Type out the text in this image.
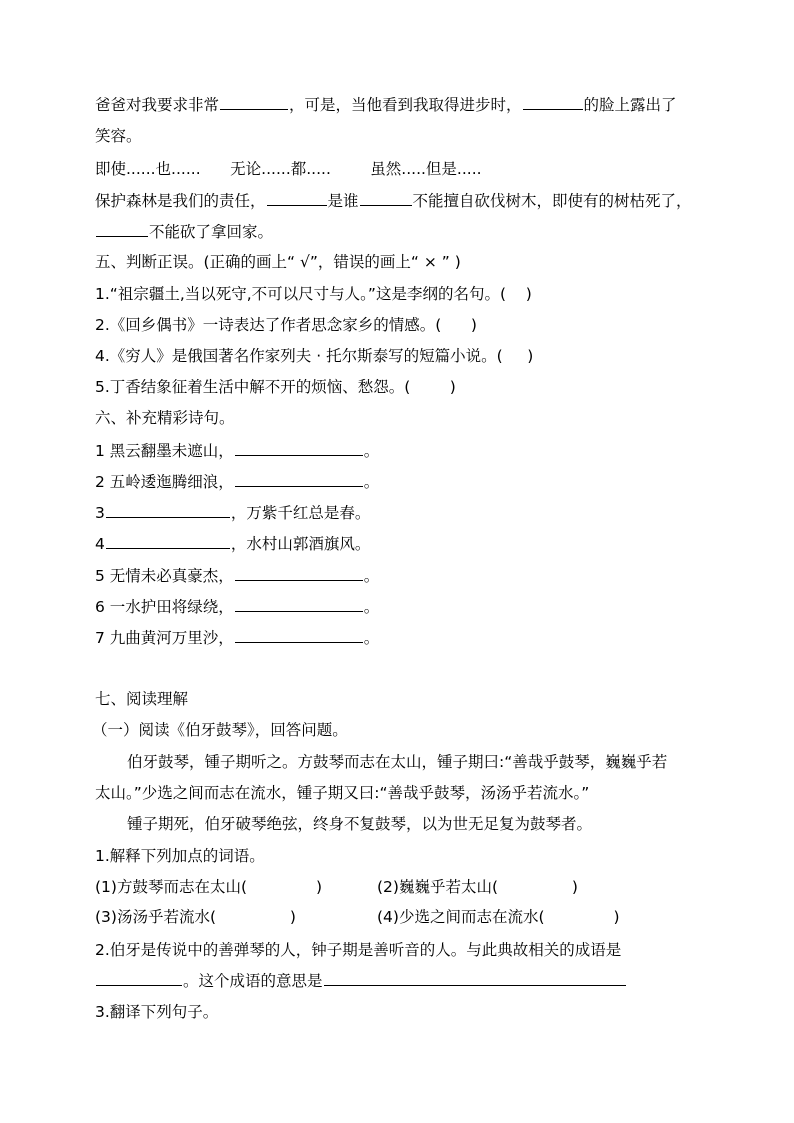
爸爸对我要求非常	，可是，当他看到我取得进步时，	的脸上露出了
笑容。
即使......也......      无论......都.....        虽然.....但是.....
保护森林是我们的责任，	是谁	不能擅自砍伐树木，即使有的树枯死了，
不能砍了拿回家。
五、判断正误。(正确的画上“ √”，错误的画上“ × ” )
1.“祖宗疆土,当以死守,不可以尺寸与人。”这是李纲的名句。(    )
2.《回乡偶书》一诗表达了作者思念家乡的情感。(      )
4.《穷人》是俄国著名作家列夫 · 托尔斯泰写的短篇小说。(     )
5.丁香结象征着生活中解不开的烦恼、愁怨。(        )
六、补充精彩诗句。
1 黑云翻墨未遮山，	。
2 五岭逶迤腾细浪，	。
3	，万紫千红总是春。
4	，水村山郭酒旗风。
5 无情未必真豪杰，	。
6 一水护田将绿绕，	。
7 九曲黄河万里沙，	。
七、阅读理解
（一）阅读《伯牙鼓琴》，回答问题。
伯牙鼓琴，锺子期听之。方鼓琴而志在太山，锺子期曰:“善哉乎鼓琴，巍巍乎若
太山。”少选之间而志在流水，锺子期又曰:“善哉乎鼓琴，汤汤乎若流水。”
锺子期死，伯牙破琴绝弦，终身不复鼓琴，以为世无足复为鼓琴者。
1.解释下列加点的词语。
(1)方鼓琴而志在太山(              )	(2)巍巍乎若太山(               )
(3)汤汤乎若流水(               )	(4)少选之间而志在流水(              )
2.伯牙是传说中的善弹琴的人，钟子期是善听音的人。与此典故相关的成语是
。这个成语的意思是
3.翻译下列句子。
